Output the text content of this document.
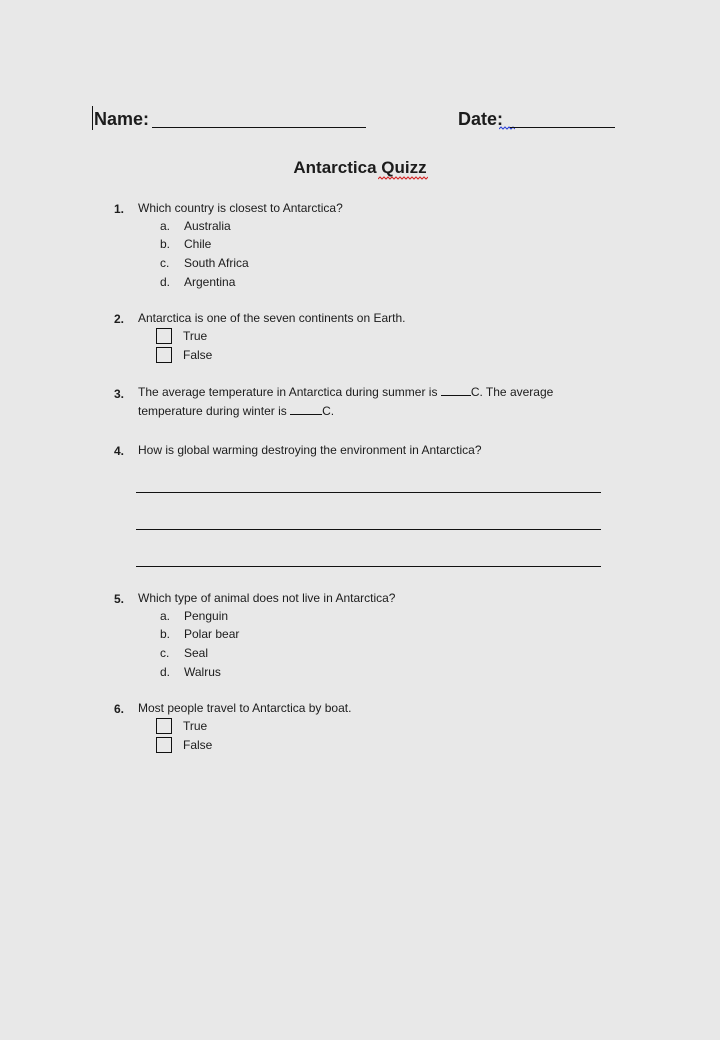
Name:	Date:
Antarctica Quizz
1. Which country is closest to Antarctica?
a.	Australia
b.	Chile
c.	South Africa
d.	Argentina
2. Antarctica is one of the seven continents on Earth.
True
False
3. The average temperature in Antarctica during summer is	C. The average
temperature during winter is	C.
4. How is global warming destroying the environment in Antarctica?
5. Which type of animal does not live in Antarctica?
a.	Penguin
b.	Polar bear
c.	Seal
d.	Walrus
6. Most people travel to Antarctica by boat.
True
False
